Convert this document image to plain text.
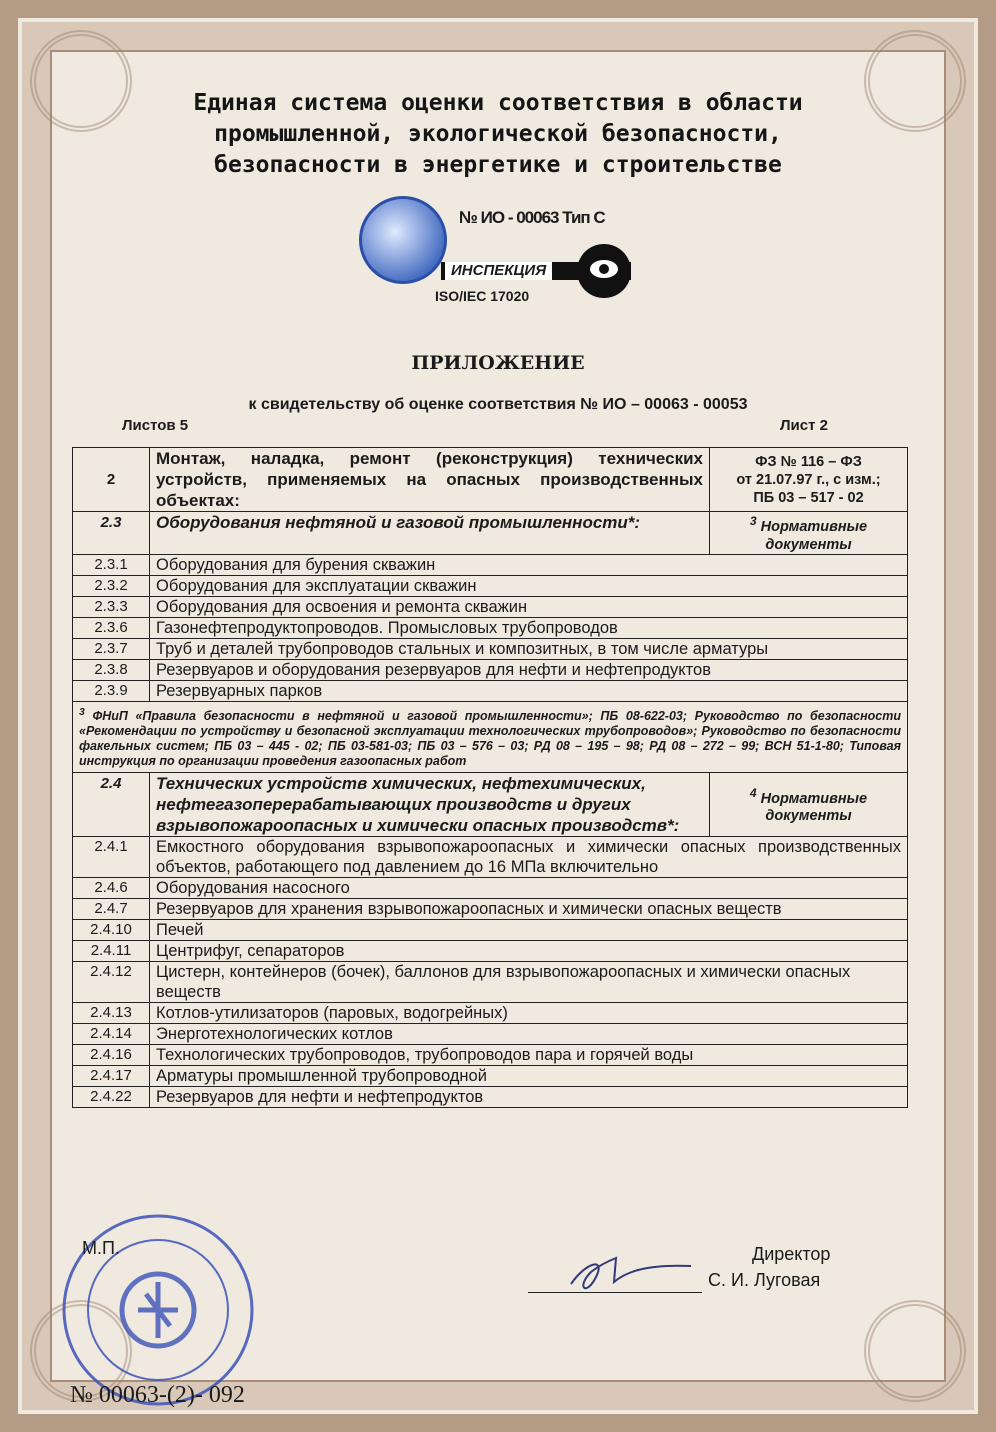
Единая система оценки соответствия в области
промышленной, экологической безопасности,
безопасности в энергетике и строительстве
№ ИО - 00063 Тип С
ИНСПЕКЦИЯ
ISO/IEC 17020
ПРИЛОЖЕНИЕ
к свидетельству об оценке соответствия № ИО – 00063 - 00053
Листов 5	Лист 2
2	Монтаж, наладка, ремонт (реконструкция) технических устройств, применяемых на опасных производственных объектах:	ФЗ № 116 – ФЗ
от 21.07.97 г., с изм.;
ПБ 03 – 517 - 02

2.3	Оборудования нефтяной и газовой промышленности*:	$^3$ Нормативные документы
2.3.1	Оборудования для бурения скважин	
2.3.2	Оборудования для эксплуатации скважин	
2.3.3	Оборудования для освоения и ремонта скважин	
2.3.6	Газонефтепродуктопроводов. Промысловых трубопроводов	
2.3.7	Труб и деталей трубопроводов стальных и композитных, в том числе арматуры	
2.3.8	Резервуаров и оборудования резервуаров для нефти и нефтепродуктов	
2.3.9	Резервуарных парков	
$^3$ ФНиП «Правила безопасности в нефтяной и газовой промышленности»; ПБ 08-622-03; Руководство по безопасности «Рекомендации по устройству и безопасной эксплуатации технологических трубопроводов»; Руководство по безопасности факельных систем; ПБ 03 – 445 - 02; ПБ 03-581-03; ПБ 03 – 576 – 03; РД 08 – 195 – 98; РД 08 – 272 – 99; ВСН 51-1-80; Типовая инструкция по организации проведения газоопасных работ		
2.4	Технических устройств химических, нефтехимических, нефтегазоперерабатывающих производств и других взрывопожароопасных и химически опасных производств*:	$^4$ Нормативные документы
2.4.1	Емкостного оборудования взрывопожароопасных и химически опасных производственных объектов, работающего под давлением до 16 МПа включительно	
2.4.6	Оборудования насосного	
2.4.7	Резервуаров для хранения взрывопожароопасных и химически опасных веществ	
2.4.10	Печей	
2.4.11	Центрифуг, сепараторов	
2.4.12	Цистерн, контейнеров (бочек), баллонов для взрывопожароопасных и химически опасных веществ	
2.4.13	Котлов-утилизаторов (паровых, водогрейных)	
2.4.14	Энерготехнологических котлов	
2.4.16	Технологических трубопроводов, трубопроводов пара и горячей воды	
2.4.17	Арматуры промышленной трубопроводной	
2.4.22	Резервуаров для нефти и нефтепродуктов	
Директор
С. И. Луговая
М.П.
№ 00063-(2)- 092
